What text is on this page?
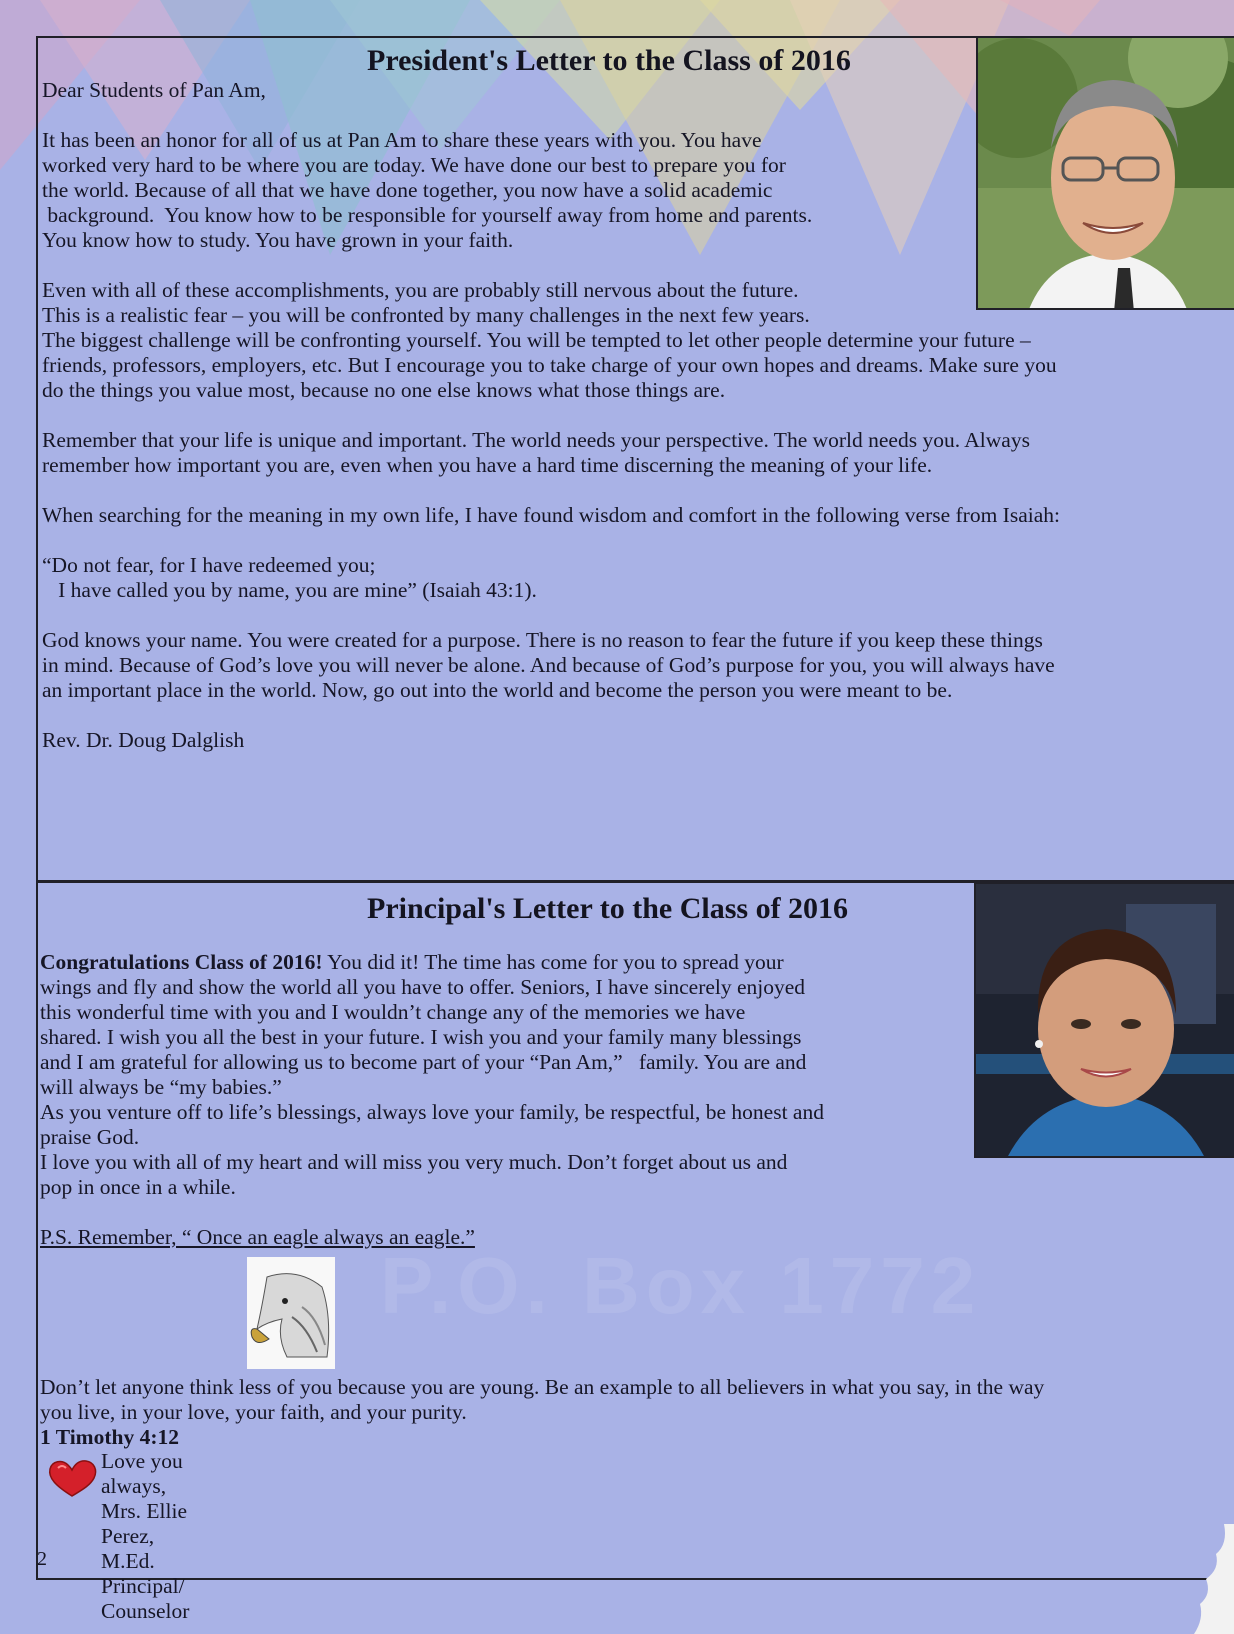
P.O. Box 1772
President's Letter to the Class of 2016

Dear Students of Pan Am,

It has been an honor for all of us at Pan Am to share these years with you. You have
worked very hard to be where you are today. We have done our best to prepare you for
the world. Because of all that we have done together, you now have a solid academic
background.  You know how to be responsible for yourself away from home and parents.
You know how to study. You have grown in your faith.

Even with all of these accomplishments, you are probably still nervous about the future.
This is a realistic fear – you will be confronted by many challenges in the next few years.
The biggest challenge will be confronting yourself. You will be tempted to let other people determine your future –
friends, professors, employers, etc. But I encourage you to take charge of your own hopes and dreams. Make sure you
do the things you value most, because no one else knows what those things are.

Remember that your life is unique and important. The world needs your perspective. The world needs you. Always
remember how important you are, even when you have a hard time discerning the meaning of your life.

When searching for the meaning in my own life, I have found wisdom and comfort in the following verse from Isaiah:

“Do not fear, for I have redeemed you;
I have called you by name, you are mine” (Isaiah 43:1).

God knows your name. You were created for a purpose. There is no reason to fear the future if you keep these things
in mind. Because of God’s love you will never be alone. And because of God’s purpose for you, you will always have
an important place in the world. Now, go out into the world and become the person you were meant to be.

Rev. Dr. Doug Dalglish

Principal's Letter to the Class of 2016
Congratulations Class of 2016! You did it! The time has come for you to spread your
wings and fly and show the world all you have to offer. Seniors, I have sincerely enjoyed
this wonderful time with you and I wouldn’t change any of the memories we have
shared. I wish you all the best in your future. I wish you and your family many blessings
and I am grateful for allowing us to become part of your “Pan Am,”   family. You are and
will always be “my babies.”
As you venture off to life’s blessings, always love your family, be respectful, be honest and
praise God.
I love you with all of my heart and will miss you very much. Don’t forget about us and
pop in once in a while.
P.S. Remember, “ Once an eagle always an eagle.”
Don’t let anyone think less of you because you are young. Be an example to all believers in what you say, in the way
you live, in your love, your faith, and your purity.
1 Timothy 4:12
Love you always,
Mrs. Ellie Perez, M.Ed.
Principal/ Counselor
2
